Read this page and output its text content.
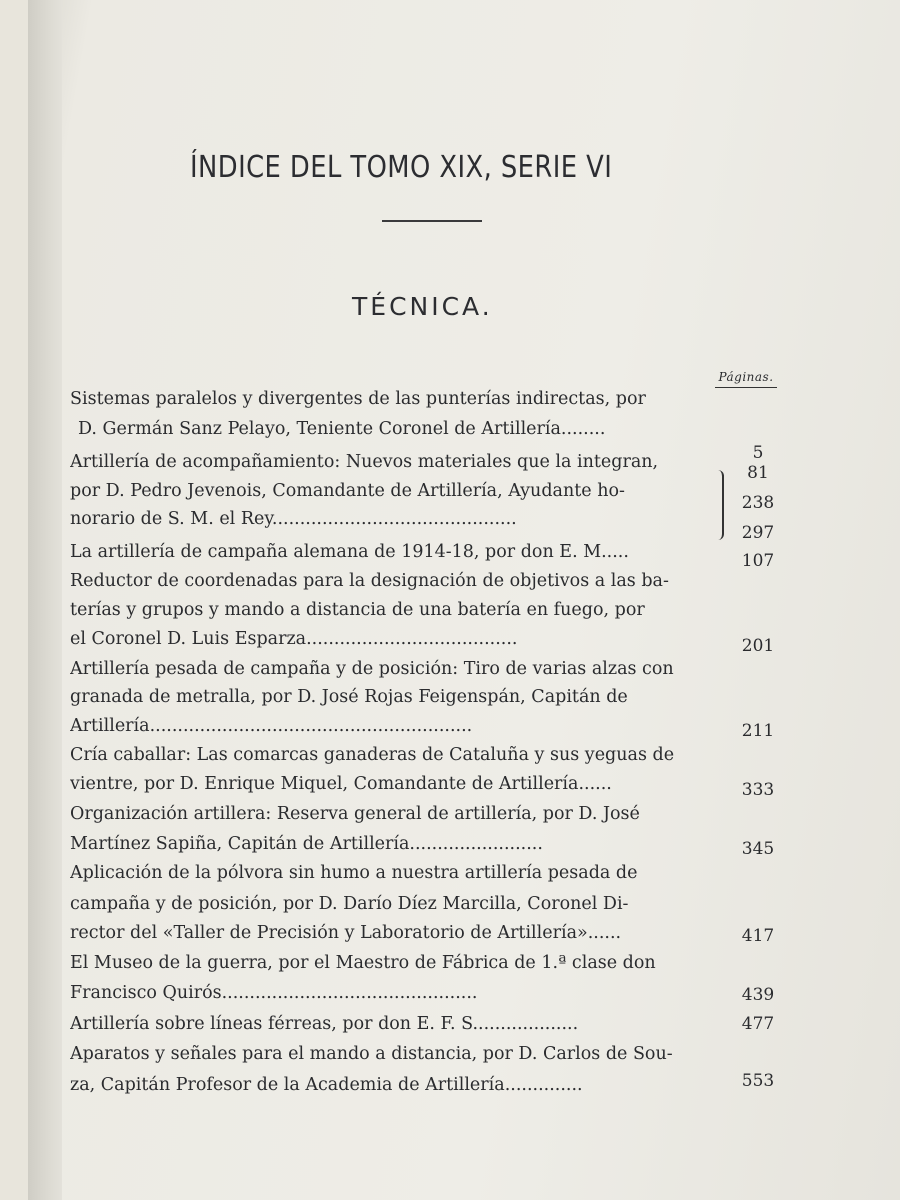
ÍNDICE DEL TOMO XIX, SERIE VI
TÉCNICA.
Páginas.
Sistemas paralelos y divergentes de las punterías indirectas, por
D. Germán Sanz Pelayo, Teniente Coronel de Artillería........
Artillería de acompañamiento: Nuevos materiales que la integran,
por D. Pedro Jevenois, Comandante de Artillería, Ayudante ho-
norario de S. M. el Rey............................................
La artillería de campaña alemana de 1914-18, por don E. M.....
Reductor de coordenadas para la designación de objetivos a las ba-
terías y grupos y mando a distancia de una batería en fuego, por
el Coronel D. Luis Esparza......................................
Artillería pesada de campaña y de posición: Tiro de varias alzas con
granada de metralla, por D. José Rojas Feigenspán, Capitán de
Artillería..........................................................
Cría caballar: Las comarcas ganaderas de Cataluña y sus yeguas de
vientre, por D. Enrique Miquel, Comandante de Artillería......
Organización artillera: Reserva general de artillería, por D. José
Martínez Sapiña, Capitán de Artillería........................
Aplicación de la pólvora sin humo a nuestra artillería pesada de
campaña y de posición, por D. Darío Díez Marcilla, Coronel Di-
rector del «Taller de Precisión y Laboratorio de Artillería»......
El Museo de la guerra, por el Maestro de Fábrica de 1.ª clase don
Francisco Quirós..............................................
Artillería sobre líneas férreas, por don E. F. S...................
Aparatos y señales para el mando a distancia, por D. Carlos de Sou-
za, Capitán Profesor de la Academia de Artillería..............
5
81
238
297
107
201
211
333
345
417
439
477
553
